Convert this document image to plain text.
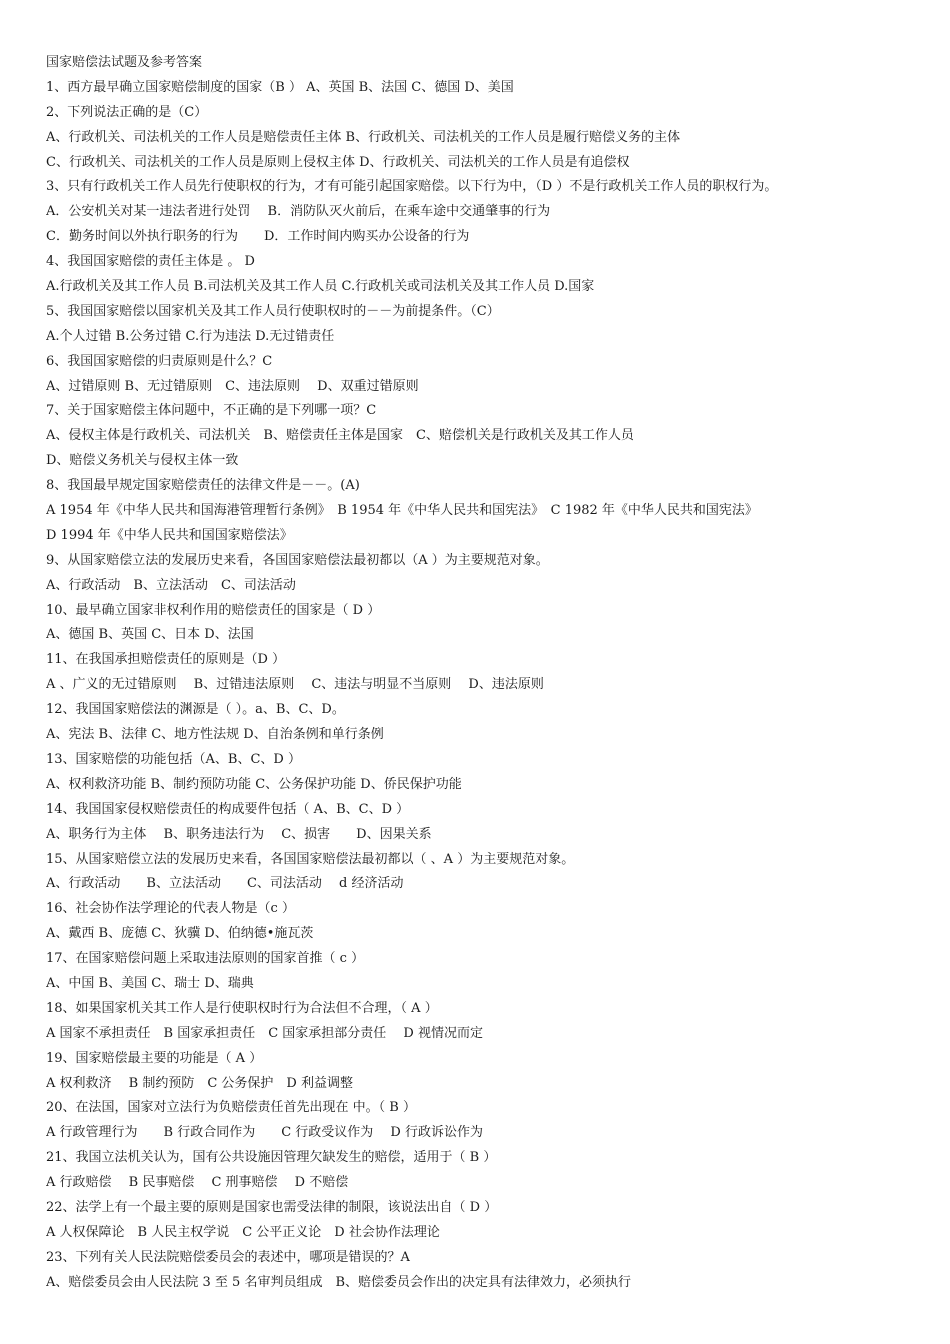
国家赔偿法试题及参考答案
1、西方最早确立国家赔偿制度的国家（B ） A、英国 B、法国 C、德国 D、美国
2、下列说法正确的是（C）
A、行政机关、司法机关的工作人员是赔偿责任主体 B、行政机关、司法机关的工作人员是履行赔偿义务的主体
C、行政机关、司法机关的工作人员是原则上侵权主体 D、行政机关、司法机关的工作人员是有追偿权
3、只有行政机关工作人员先行使职权的行为，才有可能引起国家赔偿。以下行为中，（D ）不是行政机关工作人员的职权行为。
A．公安机关对某一违法者进行处罚　 B．消防队灭火前后，在乘车途中交通肇事的行为
C．勤务时间以外执行职务的行为　　D．工作时间内购买办公设备的行为
4、我国国家赔偿的责任主体是 。 D
A.行政机关及其工作人员 B.司法机关及其工作人员 C.行政机关或司法机关及其工作人员 D.国家
5、我国国家赔偿以国家机关及其工作人员行使职权时的－－为前提条件。（C）
A.个人过错 B.公务过错 C.行为违法 D.无过错责任
6、我国国家赔偿的归责原则是什么？C
A、过错原则 B、无过错原则　C、违法原则　 D、双重过错原则
7、关于国家赔偿主体问题中，不正确的是下列哪一项？C
A、侵权主体是行政机关、司法机关　B、赔偿责任主体是国家　C、赔偿机关是行政机关及其工作人员
D、赔偿义务机关与侵权主体一致
8、我国最早规定国家赔偿责任的法律文件是－－。(A)
A 1954 年《中华人民共和国海港管理暂行条例》　B 1954 年《中华人民共和国宪法》　C 1982 年《中华人民共和国宪法》
D 1994 年《中华人民共和国国家赔偿法》
9、从国家赔偿立法的发展历史来看，各国国家赔偿法最初都以（A ）为主要规范对象。
A、行政活动　B、立法活动　C、司法活动
10、最早确立国家非权利作用的赔偿责任的国家是（ D ）
A、德国 B、英国 C、日本 D、法国
11、在我国承担赔偿责任的原则是（D ）
A 、广义的无过错原则　 B、过错违法原则　 C、违法与明显不当原则　 D、违法原则
12、我国国家赔偿法的渊源是（ ）。a、B、C、D。
A、宪法 B、法律 C、地方性法规 D、自治条例和单行条例
13、国家赔偿的功能包括（A、B、C、D ）
A、权利救济功能 B、制约预防功能 C、公务保护功能 D、侨民保护功能
14、我国国家侵权赔偿责任的构成要件包括（ A、B、C、D ）
A、职务行为主体　 B、职务违法行为　 C、损害　　D、因果关系
15、从国家赔偿立法的发展历史来看，各国国家赔偿法最初都以（ 、A ）为主要规范对象。
A、行政活动　　B、立法活动　　C、司法活动　 d 经济活动
16、社会协作法学理论的代表人物是（c ）
A、戴西 B、庞德 C、狄骥 D、伯纳德•施瓦茨
17、在国家赔偿问题上采取违法原则的国家首推（ c ）
A、中国 B、美国 C、瑞士 D、瑞典
18、如果国家机关其工作人是行使职权时行为合法但不合理，（ A ）
A 国家不承担责任　B 国家承担责任　C 国家承担部分责任　 D 视情况而定
19、国家赔偿最主要的功能是（ A ）
A 权利救济　 B 制约预防　C 公务保护　D 利益调整
20、在法国，国家对立法行为负赔偿责任首先出现在 中。（ B ）
A 行政管理行为　　B 行政合同作为　　C 行政受议作为　 D 行政诉讼作为
21、我国立法机关认为，国有公共设施因管理欠缺发生的赔偿，适用于（ B ）
A 行政赔偿　 B 民事赔偿　 C 刑事赔偿　 D 不赔偿
22、法学上有一个最主要的原则是国家也需受法律的制限，该说法出自（ D ）
A 人权保障论　B 人民主权学说　C 公平正义论　D 社会协作法理论
23、下列有关人民法院赔偿委员会的表述中，哪项是错误的？A
A、赔偿委员会由人民法院 3 至 5 名审判员组成　B、赔偿委员会作出的决定具有法律效力，必须执行
